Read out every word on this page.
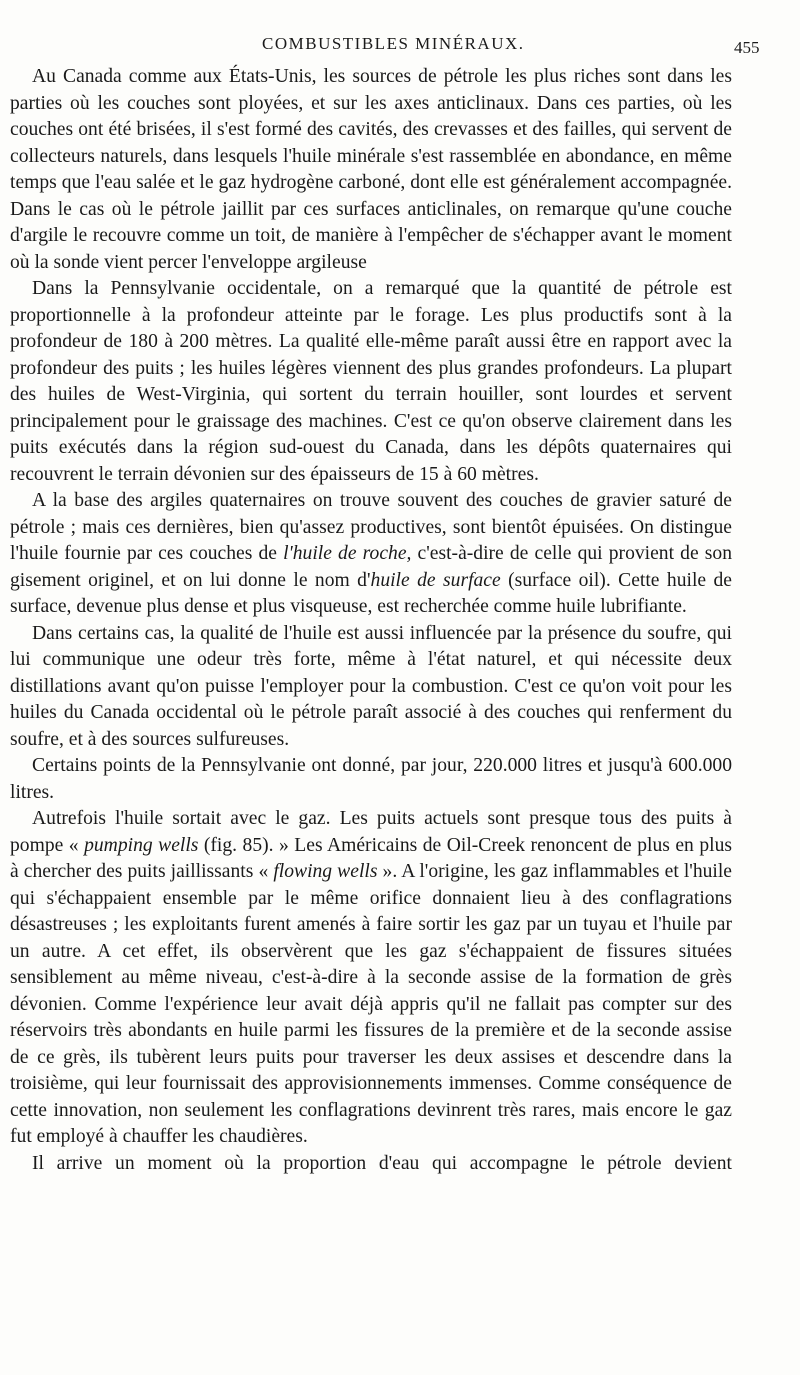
COMBUSTIBLES MINÉRAUX.	455

Au Canada comme aux États-Unis, les sources de pétrole les plus riches sont dans les parties où les couches sont ployées, et sur les axes anticlinaux. Dans ces parties, où les couches ont été brisées, il s'est formé des cavités, des crevasses et des failles, qui servent de collecteurs naturels, dans lesquels l'huile minérale s'est rassemblée en abondance, en même temps que l'eau salée et le gaz hydrogène carboné, dont elle est généralement accompagnée. Dans le cas où le pétrole jaillit par ces surfaces anticlinales, on remarque qu'une couche d'argile le recouvre comme un toit, de manière à l'empêcher de s'échapper avant le moment où la sonde vient percer l'enveloppe argileuse

Dans la Pennsylvanie occidentale, on a remarqué que la quantité de pétrole est proportionnelle à la profondeur atteinte par le forage. Les plus productifs sont à la profondeur de 180 à 200 mètres. La qualité elle-même paraît aussi être en rapport avec la profondeur des puits ; les huiles légères viennent des plus grandes profondeurs. La plupart des huiles de West-Virginia, qui sortent du terrain houiller, sont lourdes et servent principalement pour le graissage des machines. C'est ce qu'on observe clairement dans les puits exécutés dans la région sud-ouest du Canada, dans les dépôts quaternaires qui recouvrent le terrain dévonien sur des épaisseurs de 15 à 60 mètres.

A la base des argiles quaternaires on trouve souvent des couches de gravier saturé de pétrole ; mais ces dernières, bien qu'assez productives, sont bientôt épuisées. On distingue l'huile fournie par ces couches de l'huile de roche, c'est-à-dire de celle qui provient de son gisement originel, et on lui donne le nom d'huile de surface (surface oil). Cette huile de surface, devenue plus dense et plus visqueuse, est recherchée comme huile lubrifiante.

Dans certains cas, la qualité de l'huile est aussi influencée par la présence du soufre, qui lui communique une odeur très forte, même à l'état naturel, et qui nécessite deux distillations avant qu'on puisse l'employer pour la combustion. C'est ce qu'on voit pour les huiles du Canada occidental où le pétrole paraît associé à des couches qui renferment du soufre, et à des sources sulfureuses.

Certains points de la Pennsylvanie ont donné, par jour, 220.000 litres et jusqu'à 600.000 litres.

Autrefois l'huile sortait avec le gaz. Les puits actuels sont presque tous des puits à pompe « pumping wells (fig. 85). » Les Américains de Oil-Creek renoncent de plus en plus à chercher des puits jaillissants « flowing wells ». A l'origine, les gaz inflammables et l'huile qui s'échappaient ensemble par le même orifice donnaient lieu à des conflagrations désastreuses ; les exploitants furent amenés à faire sortir les gaz par un tuyau et l'huile par un autre. A cet effet, ils observèrent que les gaz s'échappaient de fissures situées sensiblement au même niveau, c'est-à-dire à la seconde assise de la formation de grès dévonien. Comme l'expérience leur avait déjà appris qu'il ne fallait pas compter sur des réservoirs très abondants en huile parmi les fissures de la première et de la seconde assise de ce grès, ils tubèrent leurs puits pour traverser les deux assises et descendre dans la troisième, qui leur fournissait des approvisionnements immenses. Comme conséquence de cette innovation, non seulement les conflagrations devinrent très rares, mais encore le gaz fut employé à chauffer les chaudières.

Il arrive un moment où la proportion d'eau qui accompagne le pétrole devient
